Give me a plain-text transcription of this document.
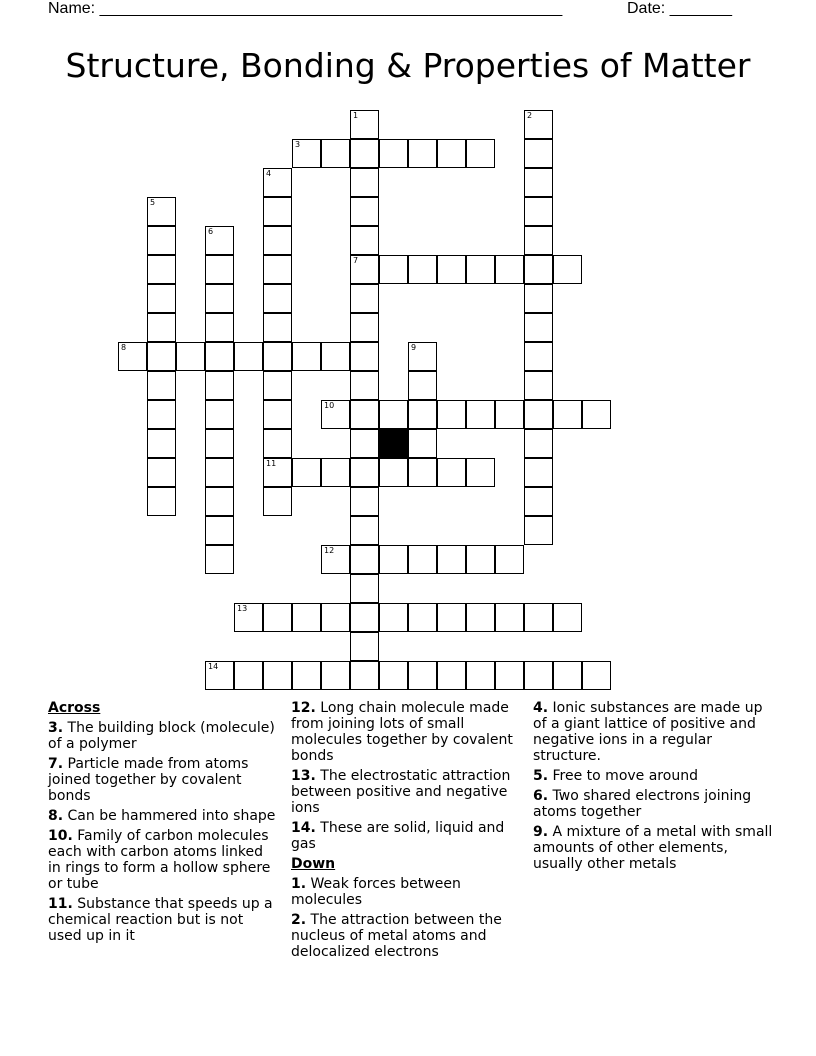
Name: ____________________________________________________	Date: _______
Structure, Bonding & Properties of Matter
3
7
8
10
11
12
13
14
1	2
4
5
6
9
Across
3. The building block (molecule) of a polymer
7. Particle made from atoms joined together by covalent bonds
8. Can be hammered into shape
10. Family of carbon molecules each with carbon atoms linked in rings to form a hollow sphere or tube
11. Substance that speeds up a chemical reaction but is not used up in it
12. Long chain molecule made from joining lots of small molecules together by covalent bonds
13. The electrostatic attraction between positive and negative ions
14. These are solid, liquid and gas
Down
1. Weak forces between molecules
2. The attraction between the nucleus of metal atoms and delocalized electrons
4. Ionic substances are made up of a giant lattice of positive and negative ions in a regular structure.
5. Free to move around
6. Two shared electrons joining atoms together
9. A mixture of a metal with small amounts of other elements, usually other metals
